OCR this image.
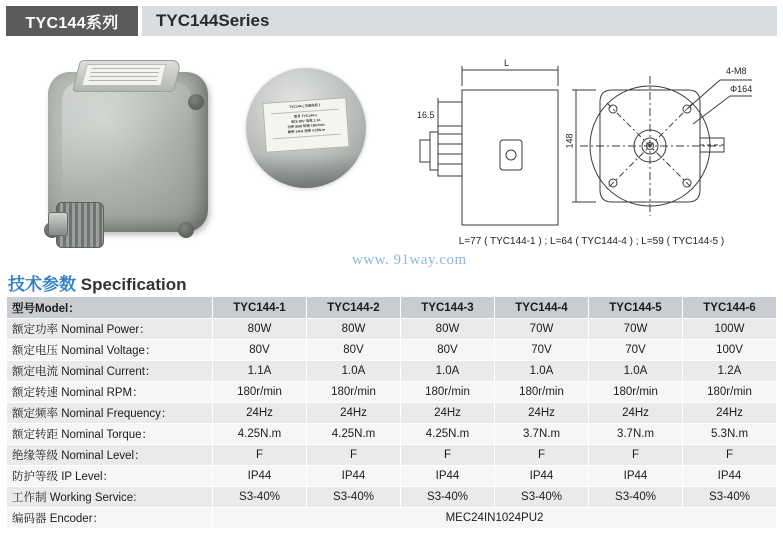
TYC144系列	TYC144Series
TYC144 ( 交流电机 )
型号 TYC144-1
电压 80V 电流 1.1A
功率 80W 转速 180r/min
频率 24Hz 扭矩 4.25N.m
L
16.5
148
4-M8
Φ164
L=77 ( TYC144-1 ) ; L=64 ( TYC144-4 ) ; L=59 ( TYC144-5 )
www. 91way.com
技术参数 Specification
型号Model：	TYC144-1	TYC144-2	TYC144-3	TYC144-4	TYC144-5	TYC144-6
额定功率 Nominal Power：	80W	80W	80W	70W	70W	100W
额定电压 Nominal Voltage：	80V	80V	80V	70V	70V	100V
额定电流 Nominal Current：	1.1A	1.0A	1.0A	1.0A	1.0A	1.2A
额定转速 Nominal RPM：	180r/min	180r/min	180r/min	180r/min	180r/min	180r/min
额定频率 Nominal Frequency：	24Hz	24Hz	24Hz	24Hz	24Hz	24Hz
额定转距 Nominal Torque：	4.25N.m	4.25N.m	4.25N.m	3.7N.m	3.7N.m	5.3N.m
绝缘等级 Nominal Level：	F	F	F	F	F	F
防护等级 IP Level：	IP44	IP44	IP44	IP44	IP44	IP44
工作制 Working Service:	S3-40%	S3-40%	S3-40%	S3-40%	S3-40%	S3-40%
编码器 Encoder：	MEC24IN1024PU2					
